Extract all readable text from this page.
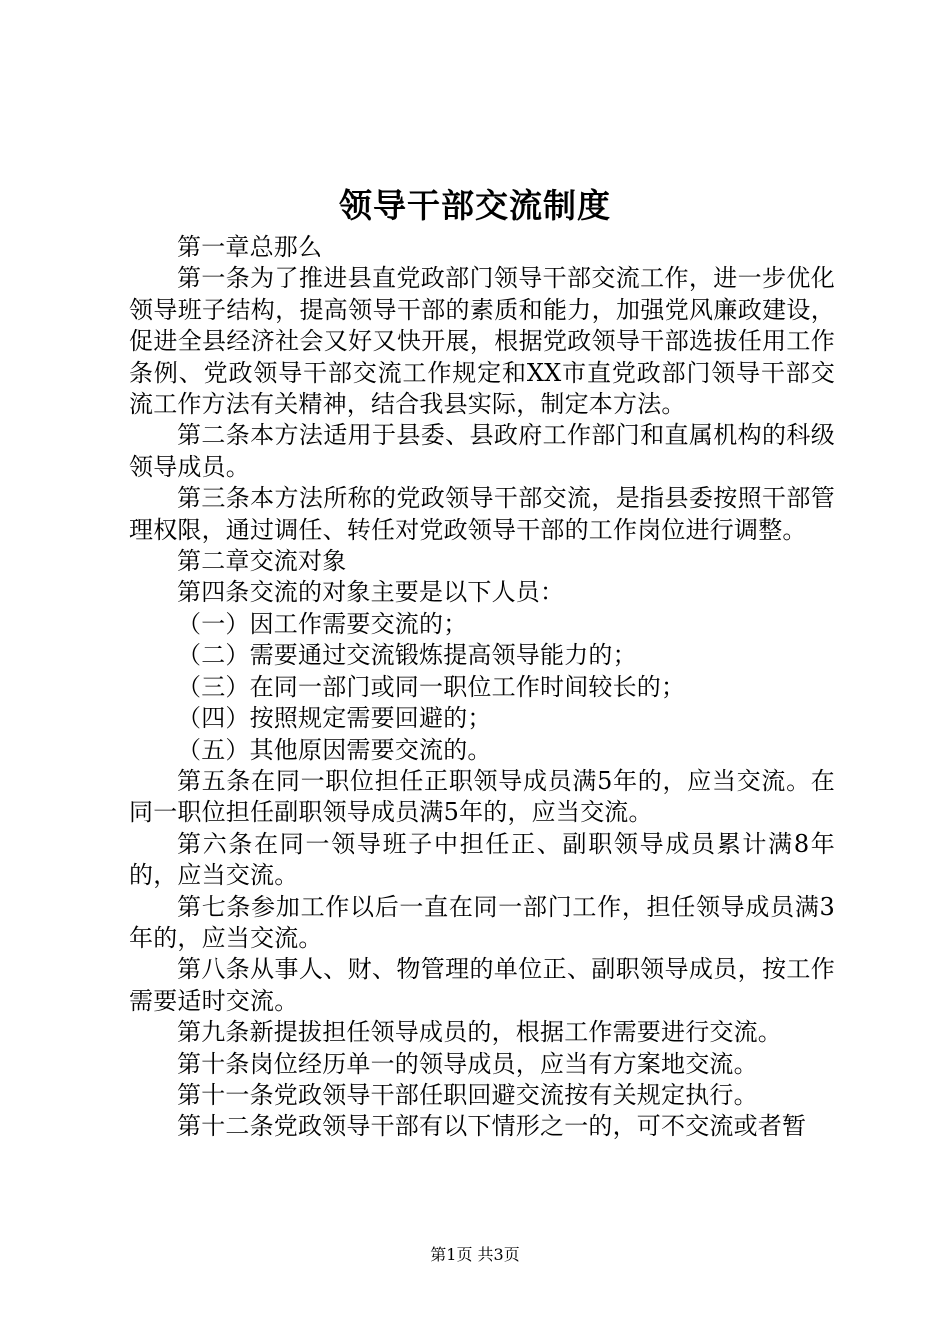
领导干部交流制度

第一章总那么

第一条为了推进县直党政部门领导干部交流工作，进一步优化领导班子结构，提高领导干部的素质和能力，加强党风廉政建设，促进全县经济社会又好又快开展，根据党政领导干部选拔任用工作条例、党政领导干部交流工作规定和XX市直党政部门领导干部交流工作方法有关精神，结合我县实际，制定本方法。

第二条本方法适用于县委、县政府工作部门和直属机构的科级领导成员。

第三条本方法所称的党政领导干部交流，是指县委按照干部管理权限，通过调任、转任对党政领导干部的工作岗位进行调整。

第二章交流对象

第四条交流的对象主要是以下人员：

（一）因工作需要交流的；

（二）需要通过交流锻炼提高领导能力的；

（三）在同一部门或同一职位工作时间较长的；

（四）按照规定需要回避的；

（五）其他原因需要交流的。

第五条在同一职位担任正职领导成员满5年的，应当交流。在同一职位担任副职领导成员满5年的，应当交流。

第六条在同一领导班子中担任正、副职领导成员累计满8年的，应当交流。

第七条参加工作以后一直在同一部门工作，担任领导成员满3年的，应当交流。

第八条从事人、财、物管理的单位正、副职领导成员，按工作需要适时交流。

第九条新提拔担任领导成员的，根据工作需要进行交流。

第十条岗位经历单一的领导成员，应当有方案地交流。

第十一条党政领导干部任职回避交流按有关规定执行。

第十二条党政领导干部有以下情形之一的，可不交流或者暂

第1页 共3页
